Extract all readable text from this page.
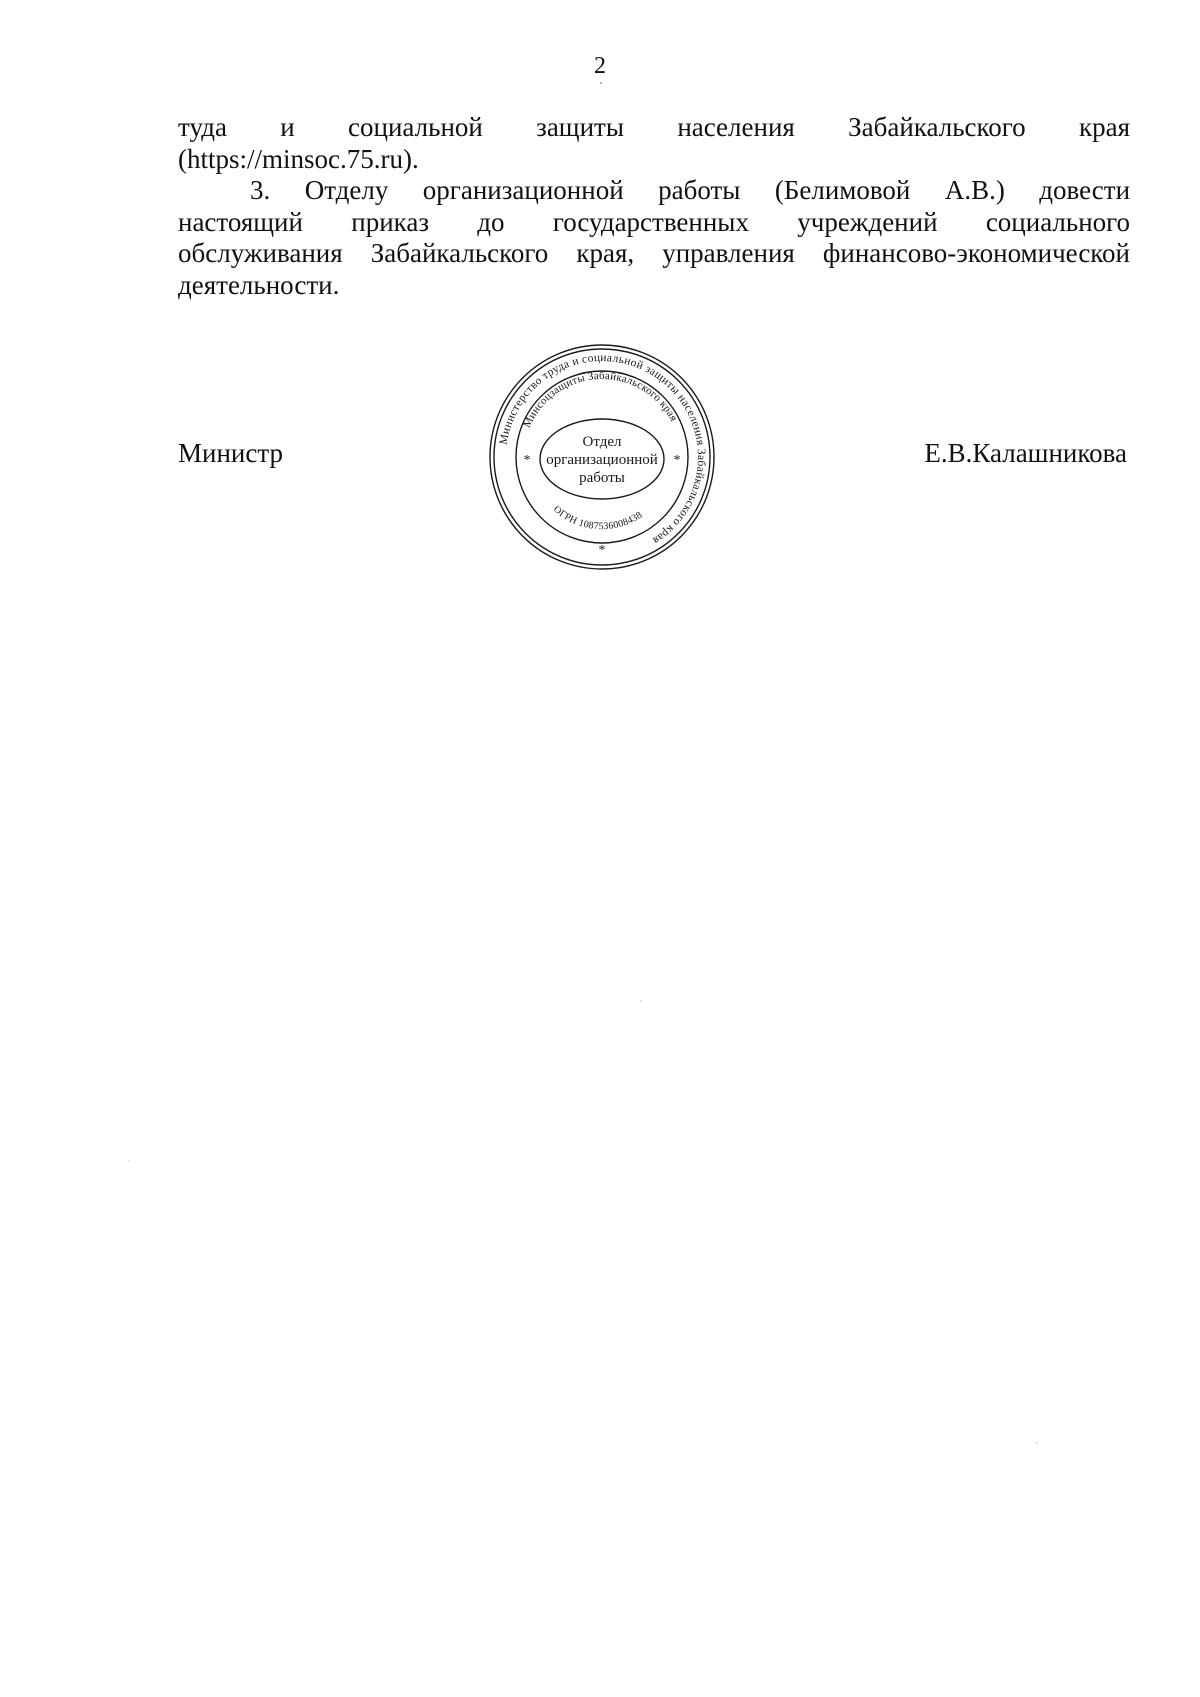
2

туда и социальной защиты населения Забайкальского края

(https://minsoc.75.ru).

3. Отделу организационной работы (Белимовой А.В.) довести

настоящий приказ до государственных учреждений социального

обслуживания Забайкальского края, управления финансово-экономической

деятельности.

Министр	Е.В.Калашникова
Министерство труда и социальной защиты населения Забайкальского края
Минсоцзащиты Забайкальского края
ОГРН 1087536008438
Отдел
организационной
работы
*	*
*
